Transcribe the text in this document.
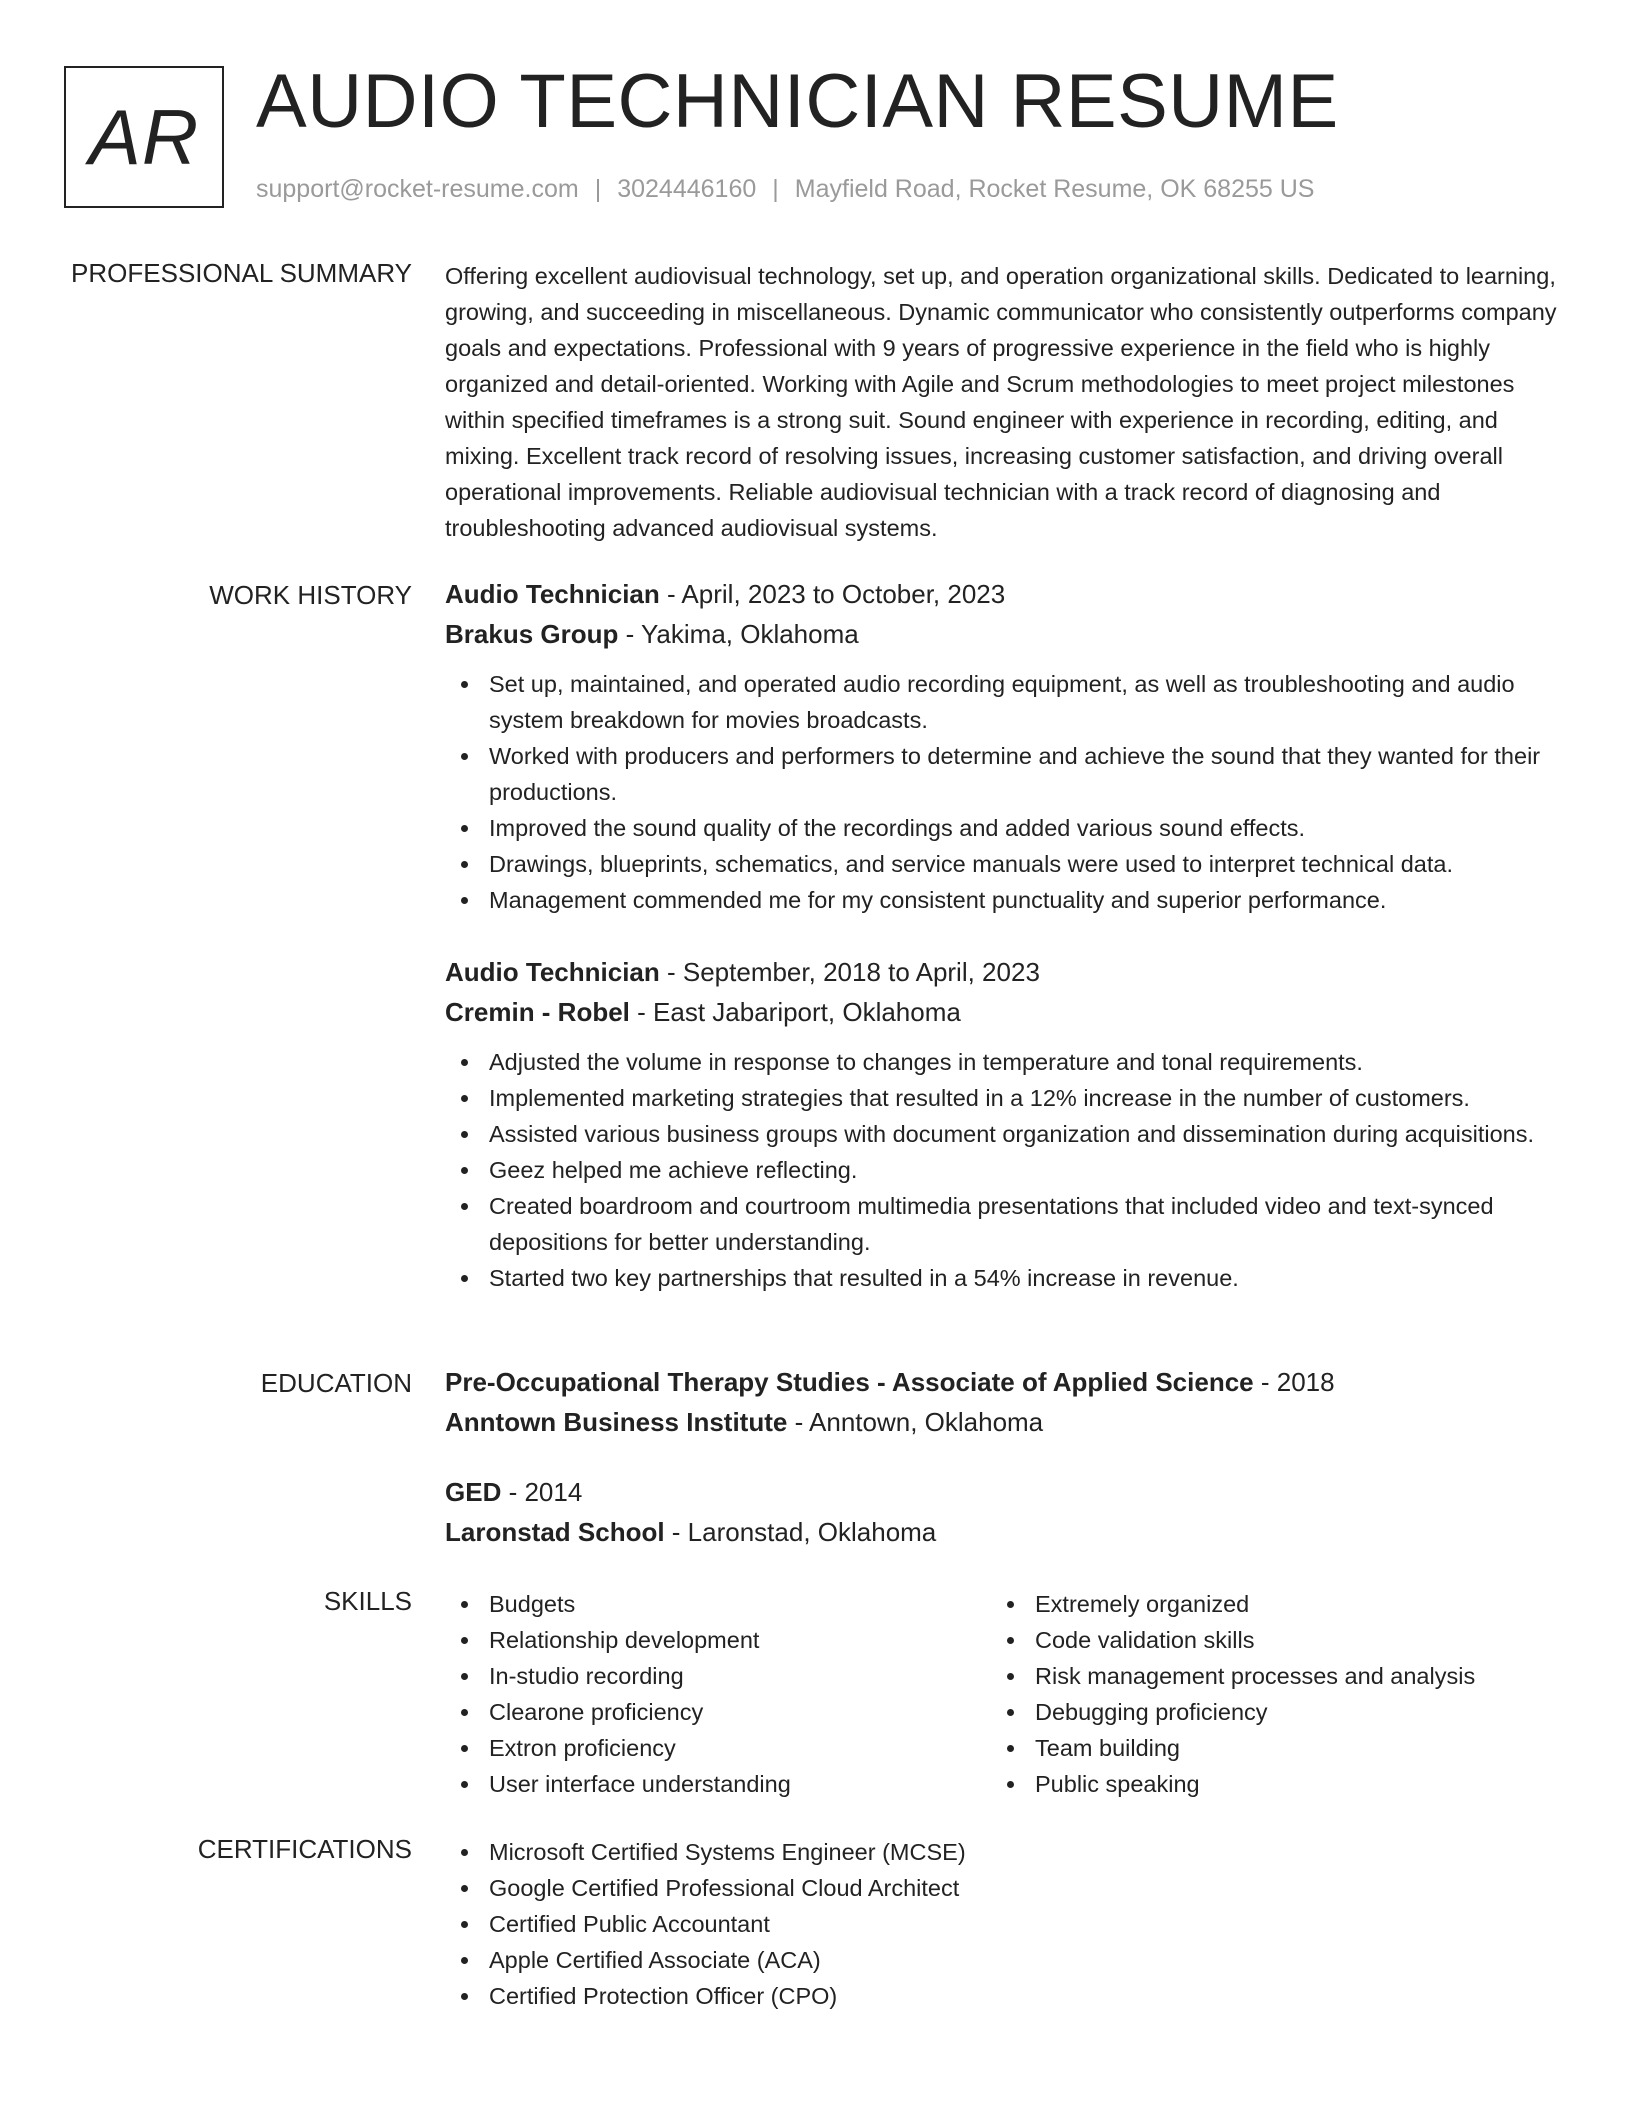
AR AUDIO TECHNICIAN RESUME
support@rocket-resume.com | 3024446160 | Mayfield Road, Rocket Resume, OK 68255 US
PROFESSIONAL SUMMARY Offering excellent audiovisual technology, set up, and operation organizational skills. Dedicated to learning, growing, and succeeding in miscellaneous. Dynamic communicator who consistently outperforms company goals and expectations. Professional with 9 years of progressive experience in the field who is highly organized and detail-oriented. Working with Agile and Scrum methodologies to meet project milestones within specified timeframes is a strong suit. Sound engineer with experience in recording, editing, and mixing. Excellent track record of resolving issues, increasing customer satisfaction, and driving overall operational improvements. Reliable audiovisual technician with a track record of diagnosing and troubleshooting advanced audiovisual systems.

WORK HISTORY Audio Technician - April, 2023 to October, 2023
Brakus Group - Yakima, Oklahoma
Set up, maintained, and operated audio recording equipment, as well as troubleshooting and audio system breakdown for movies broadcasts.
Worked with producers and performers to determine and achieve the sound that they wanted for their productions.
Improved the sound quality of the recordings and added various sound effects.
Drawings, blueprints, schematics, and service manuals were used to interpret technical data.
Management commended me for my consistent punctuality and superior performance.
Audio Technician - September, 2018 to April, 2023
Cremin - Robel - East Jabariport, Oklahoma
Adjusted the volume in response to changes in temperature and tonal requirements.
Implemented marketing strategies that resulted in a 12% increase in the number of customers.
Assisted various business groups with document organization and dissemination during acquisitions.
Geez helped me achieve reflecting.
Created boardroom and courtroom multimedia presentations that included video and text-synced depositions for better understanding.
Started two key partnerships that resulted in a 54% increase in revenue.
EDUCATION Pre-Occupational Therapy Studies - Associate of Applied Science - 2018
Anntown Business Institute - Anntown, Oklahoma
GED - 2014
Laronstad School - Laronstad, Oklahoma
SKILLS	Budgets
Relationship development
In-studio recording
Clearone proficiency
Extron proficiency
User interface understanding
Extremely organized
Code validation skills
Risk management processes and analysis
Debugging proficiency
Team building
Public speaking
CERTIFICATIONS	Microsoft Certified Systems Engineer (MCSE)
Google Certified Professional Cloud Architect
Certified Public Accountant
Apple Certified Associate (ACA)
Certified Protection Officer (CPO)
